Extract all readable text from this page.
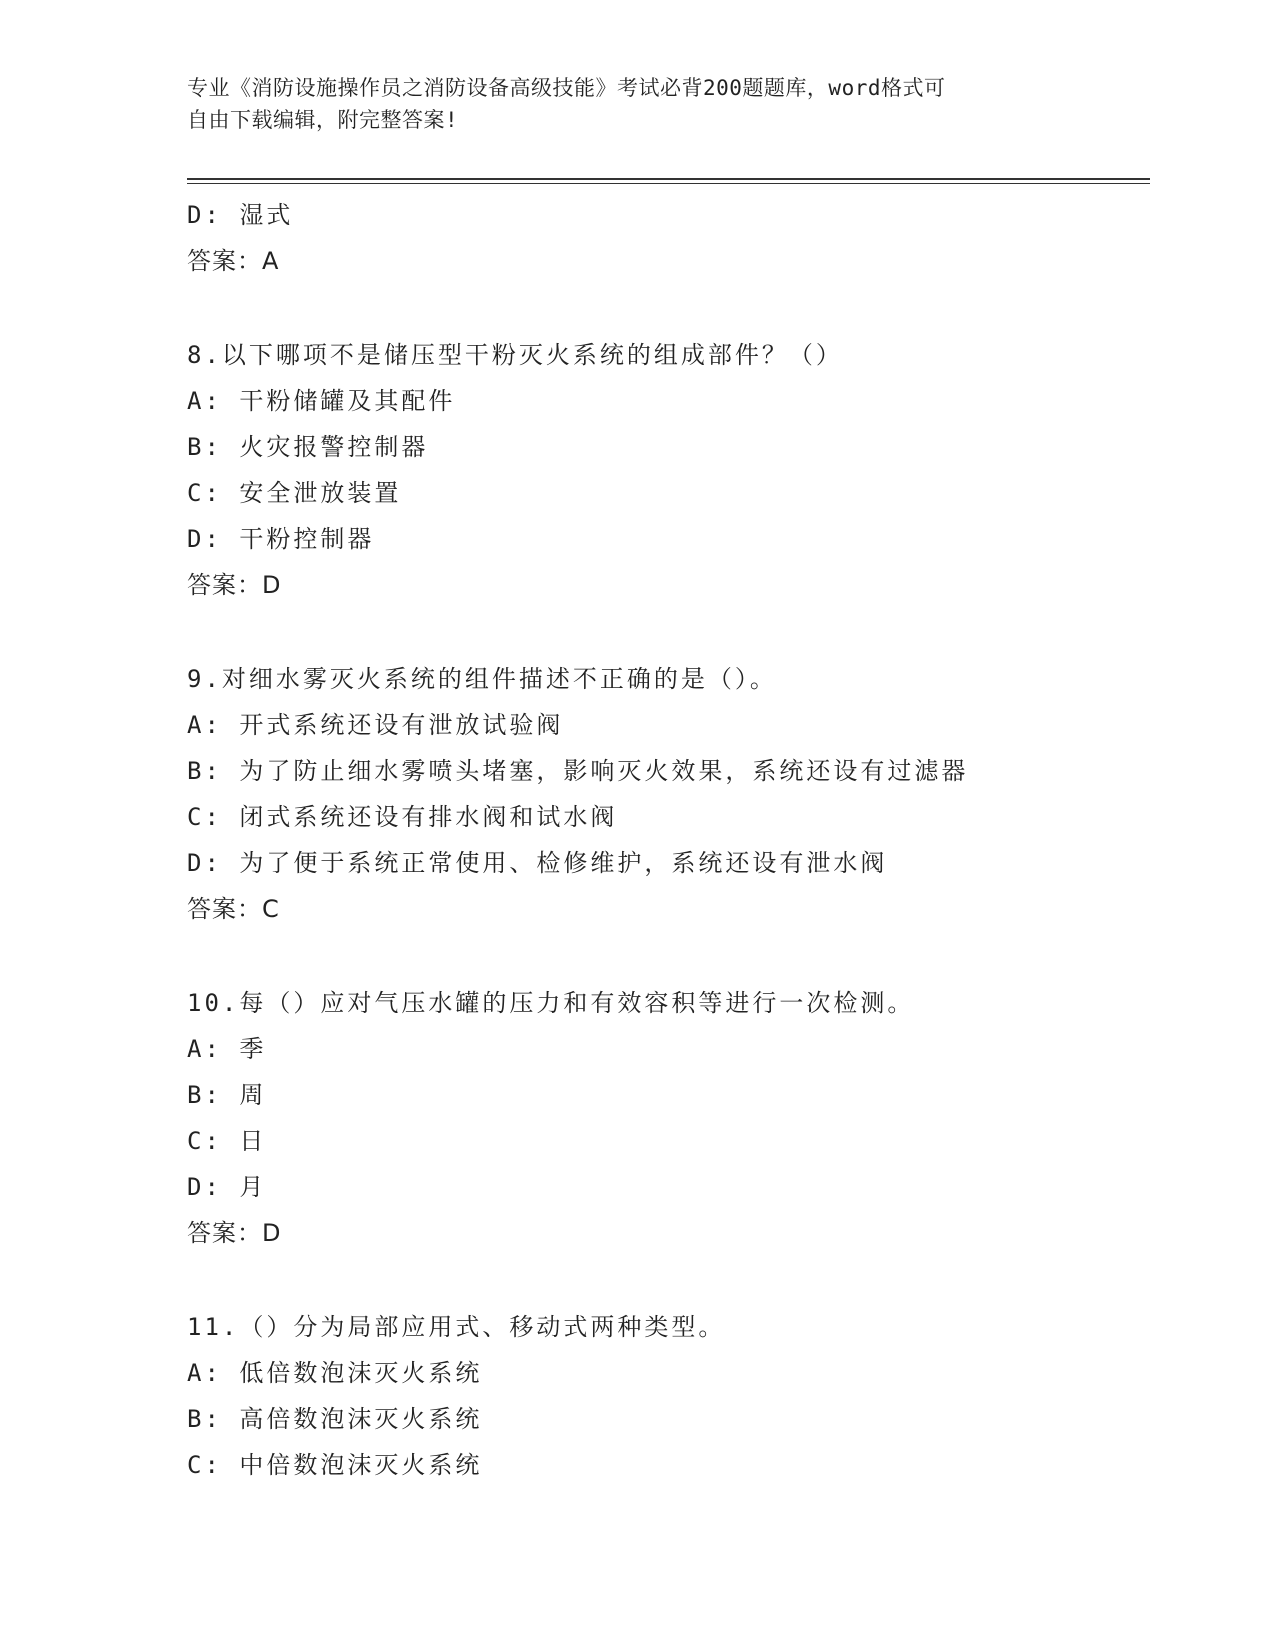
专业《消防设施操作员之消防设备高级技能》考试必背200题题库，word格式可
自由下载编辑，附完整答案!
D: 湿式
答案：A
8.以下哪项不是储压型干粉灭火系统的组成部件？（）
A: 干粉储罐及其配件
B: 火灾报警控制器
C: 安全泄放装置
D: 干粉控制器
答案：D
9.对细水雾灭火系统的组件描述不正确的是（）。
A: 开式系统还设有泄放试验阀
B: 为了防止细水雾喷头堵塞，影响灭火效果，系统还设有过滤器
C: 闭式系统还设有排水阀和试水阀
D: 为了便于系统正常使用、检修维护，系统还设有泄水阀
答案：C
10.每（）应对气压水罐的压力和有效容积等进行一次检测。
A: 季
B: 周
C: 日
D: 月
答案：D
11.（）分为局部应用式、移动式两种类型。
A: 低倍数泡沫灭火系统
B: 高倍数泡沫灭火系统
C: 中倍数泡沫灭火系统
